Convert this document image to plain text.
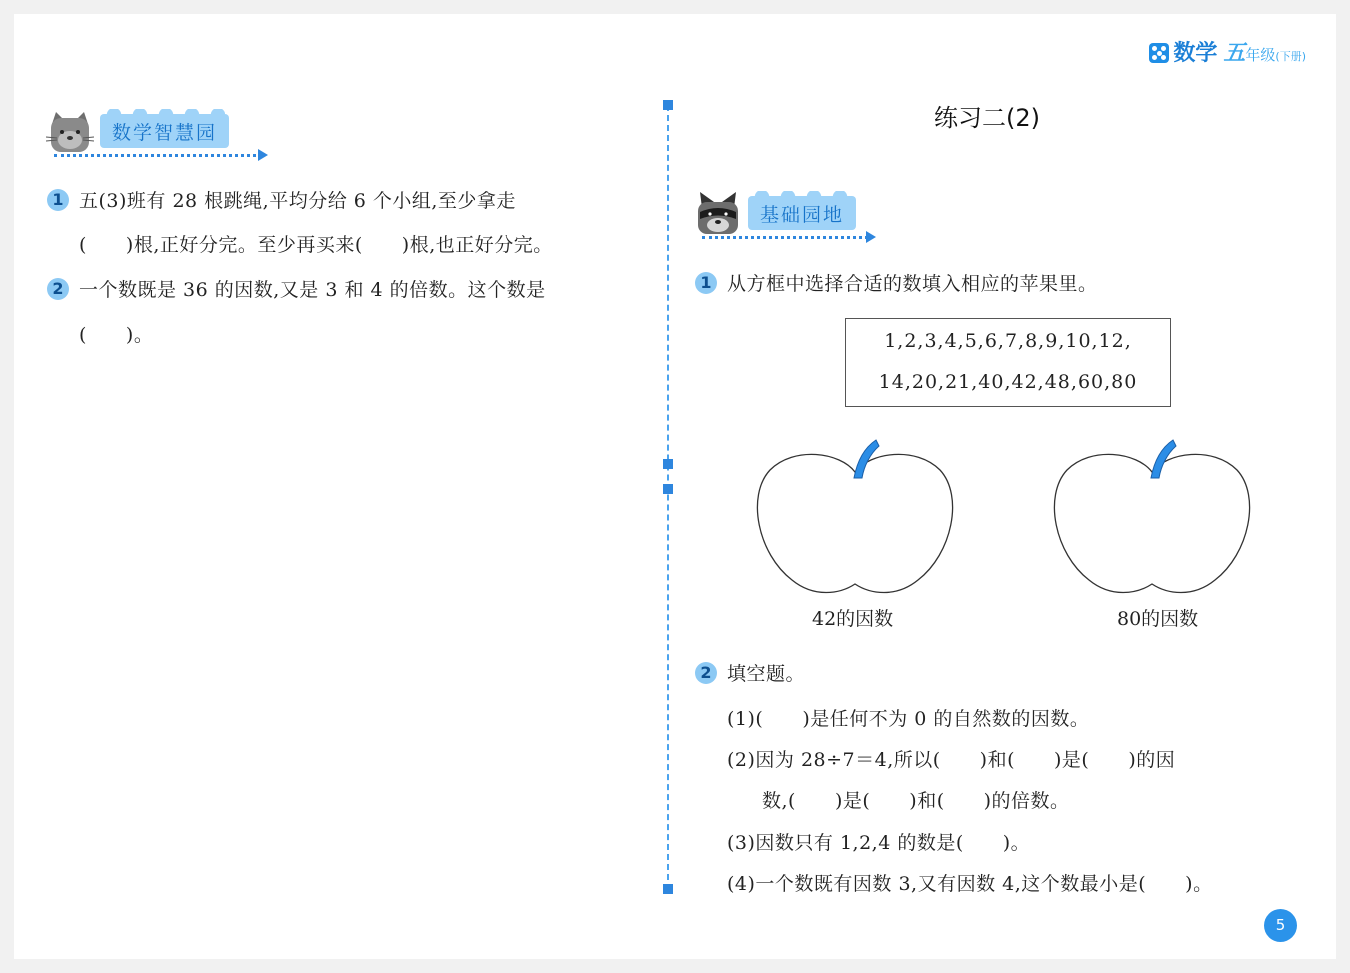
数学 五 年级 (下册)
数学智慧园
1 五(3)班有 28 根跳绳,平均分给 6 个小组,至少拿走
(　　)根,正好分完。至少再买来(　　)根,也正好分完。
2 一个数既是 36 的因数,又是 3 和 4 的倍数。这个数是
(　　)。
练习二(2)
基础园地
1 从方框中选择合适的数填入相应的苹果里。
1,2,3,4,5,6,7,8,9,10,12,
14,20,21,40,42,48,60,80
42的因数	80的因数
2 填空题。
(1)(　　)是任何不为 0 的自然数的因数。
(2)因为 28÷7＝4,所以(　　)和(　　)是(　　)的因
数,(　　)是(　　)和(　　)的倍数。
(3)因数只有 1,2,4 的数是(　　)。
(4)一个数既有因数 3,又有因数 4,这个数最小是(　　)。
5
